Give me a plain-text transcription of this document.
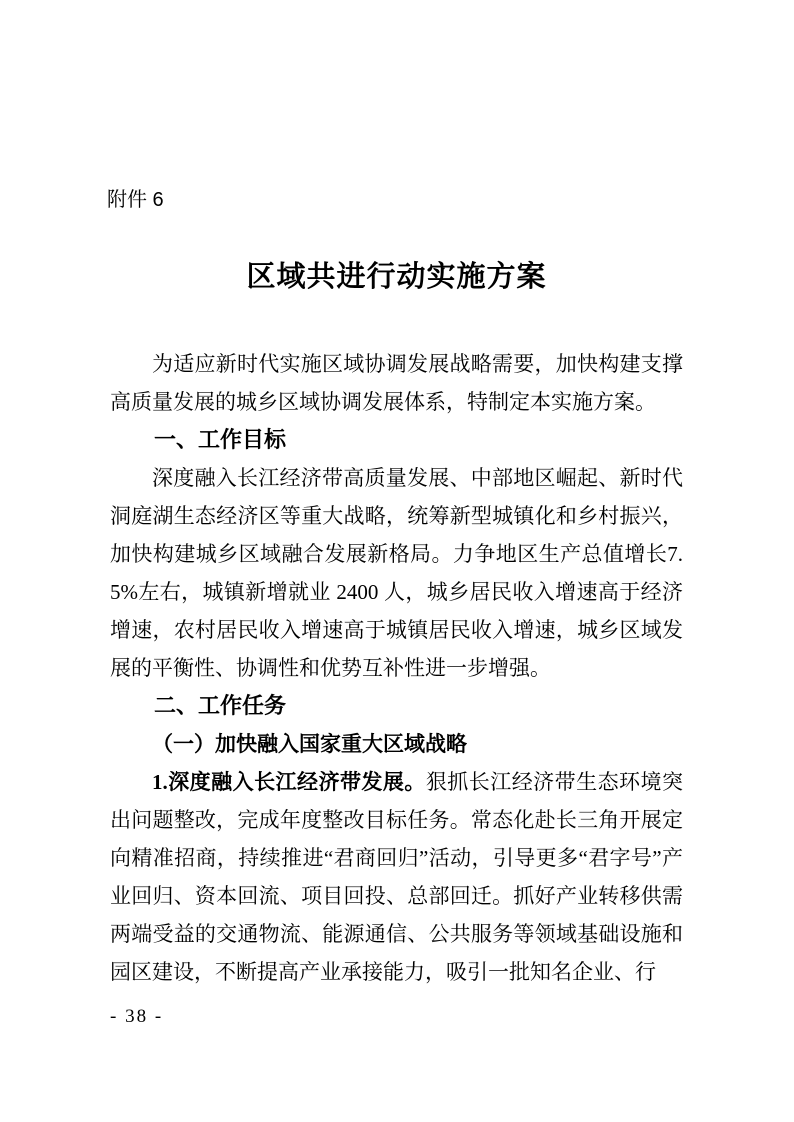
附件 6
区域共进行动实施方案

为适应新时代实施区域协调发展战略需要，加快构建支撑高质量发展的城乡区域协调发展体系，特制定本实施方案。

一、工作目标

深度融入长江经济带高质量发展、中部地区崛起、新时代洞庭湖生态经济区等重大战略，统筹新型城镇化和乡村振兴，加快构建城乡区域融合发展新格局。力争地区生产总值增长7.5%左右，城镇新增就业 2400 人，城乡居民收入增速高于经济增速，农村居民收入增速高于城镇居民收入增速，城乡区域发展的平衡性、协调性和优势互补性进一步增强。

二、工作任务
（一）加快融入国家重大区域战略

1.深度融入长江经济带发展。狠抓长江经济带生态环境突出问题整改，完成年度整改目标任务。常态化赴长三角开展定向精准招商，持续推进“君商回归”活动，引导更多“君字号”产业回归、资本回流、项目回投、总部回迁。抓好产业转移供需两端受益的交通物流、能源通信、公共服务等领域基础设施和园区建设，不断提高产业承接能力，吸引一批知名企业、行

- 38 -
